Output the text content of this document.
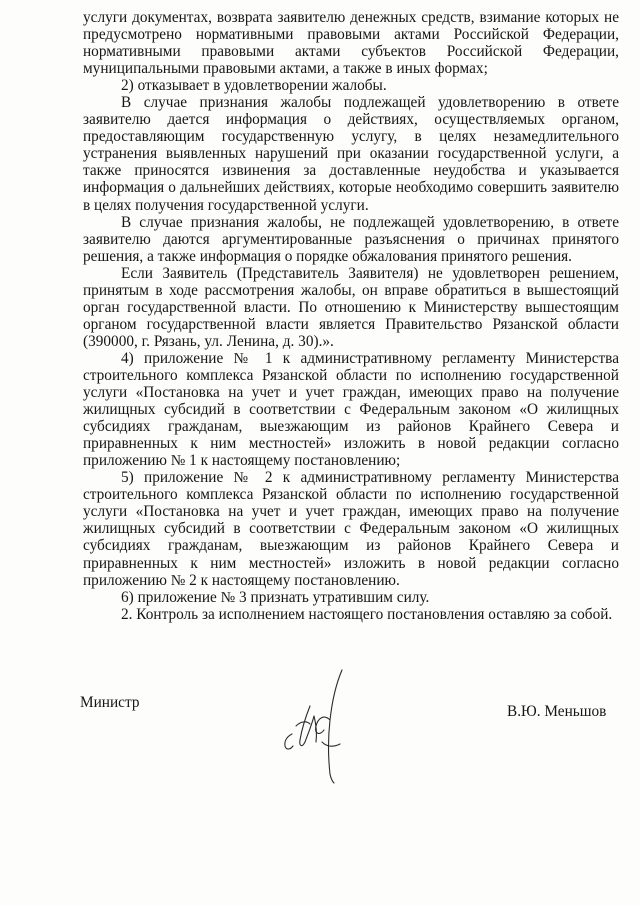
услуги документах, возврата заявителю денежных средств, взимание которых не предусмотрено нормативными правовыми актами Российской Федерации, нормативными правовыми актами субъектов Российской Федерации, муниципальными правовыми актами, а также в иных формах;

2) отказывает в удовлетворении жалобы.

В случае признания жалобы подлежащей удовлетворению в ответе заявителю дается информация о действиях, осуществляемых органом, предоставляющим государственную услугу, в целях незамедлительного устранения выявленных нарушений при оказании государственной услуги, а также приносятся извинения за доставленные неудобства и указывается информация о дальнейших действиях, которые необходимо совершить заявителю в целях получения государственной услуги.

В случае признания жалобы, не подлежащей удовлетворению, в ответе заявителю даются аргументированные разъяснения о причинах принятого решения, а также информация о порядке обжалования принятого решения.

Если Заявитель (Представитель Заявителя) не удовлетворен решением, принятым в ходе рассмотрения жалобы, он вправе обратиться в вышестоящий орган государственной власти. По отношению к Министерству вышестоящим органом государственной власти является Правительство Рязанской области (390000, г. Рязань, ул. Ленина, д. 30).».

4) приложение № 1 к административному регламенту Министерства строительного комплекса Рязанской области по исполнению государственной услуги «Постановка на учет и учет граждан, имеющих право на получение жилищных субсидий в соответствии с Федеральным законом «О жилищных субсидиях гражданам, выезжающим из районов Крайнего Севера и приравненных к ним местностей» изложить в новой редакции согласно приложению № 1 к настоящему постановлению;

5) приложение № 2 к административному регламенту Министерства строительного комплекса Рязанской области по исполнению государственной услуги «Постановка на учет и учет граждан, имеющих право на получение жилищных субсидий в соответствии с Федеральным законом «О жилищных субсидиях гражданам, выезжающим из районов Крайнего Севера и приравненных к ним местностей» изложить в новой редакции согласно приложению № 2 к настоящему постановлению.

6) приложение № 3 признать утратившим силу.

2. Контроль за исполнением настоящего постановления оставляю за собой.

Министр
В.Ю. Меньшов
